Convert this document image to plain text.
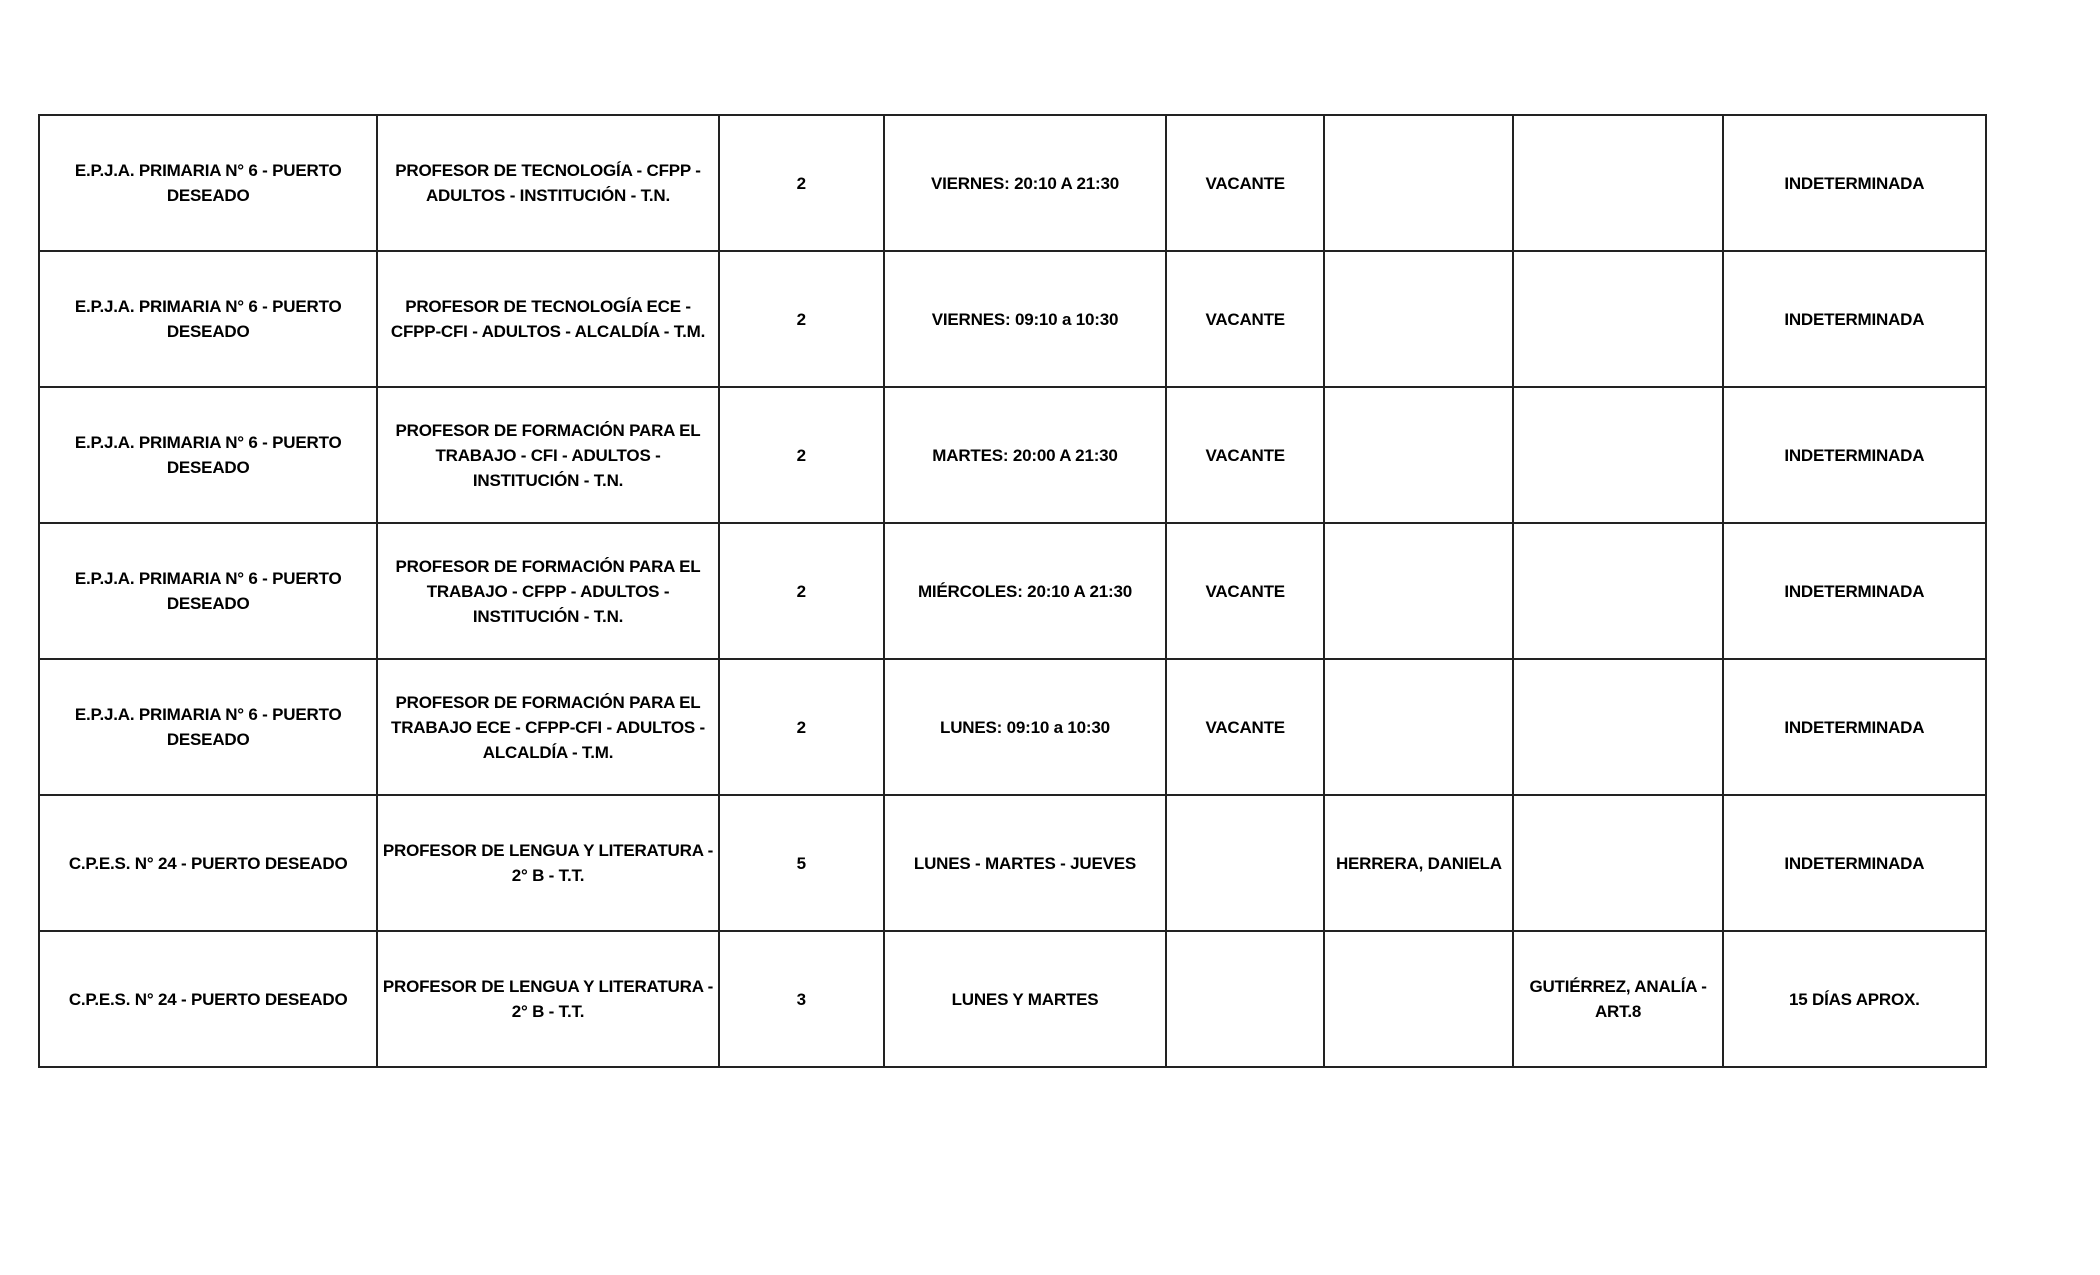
E.P.J.A. PRIMARIA N° 6 - PUERTO DESEADO	PROFESOR DE TECNOLOGÍA - CFPP - ADULTOS - INSTITUCIÓN - T.N.	2	VIERNES: 20:10 A 21:30	VACANTE			INDETERMINADA
E.P.J.A. PRIMARIA N° 6 - PUERTO DESEADO	PROFESOR DE TECNOLOGÍA ECE - CFPP-CFI - ADULTOS - ALCALDÍA - T.M.	2	VIERNES: 09:10 a 10:30	VACANTE			INDETERMINADA
E.P.J.A. PRIMARIA N° 6 - PUERTO DESEADO	PROFESOR DE FORMACIÓN PARA EL TRABAJO - CFI - ADULTOS - INSTITUCIÓN - T.N.	2	MARTES: 20:00 A 21:30	VACANTE			INDETERMINADA
E.P.J.A. PRIMARIA N° 6 - PUERTO DESEADO	PROFESOR DE FORMACIÓN PARA EL TRABAJO - CFPP - ADULTOS - INSTITUCIÓN - T.N.	2	MIÉRCOLES: 20:10 A 21:30	VACANTE			INDETERMINADA
E.P.J.A. PRIMARIA N° 6 - PUERTO DESEADO	PROFESOR DE FORMACIÓN PARA EL TRABAJO ECE - CFPP-CFI - ADULTOS - ALCALDÍA - T.M.	2	LUNES: 09:10 a 10:30	VACANTE			INDETERMINADA
C.P.E.S. N° 24 - PUERTO DESEADO	PROFESOR DE LENGUA Y LITERATURA - 2° B - T.T.	5	LUNES - MARTES - JUEVES		HERRERA, DANIELA		INDETERMINADA
C.P.E.S. N° 24 - PUERTO DESEADO	PROFESOR DE LENGUA Y LITERATURA - 2° B - T.T.	3	LUNES Y MARTES			GUTIÉRREZ, ANALÍA - ART.8	15 DÍAS APROX.
